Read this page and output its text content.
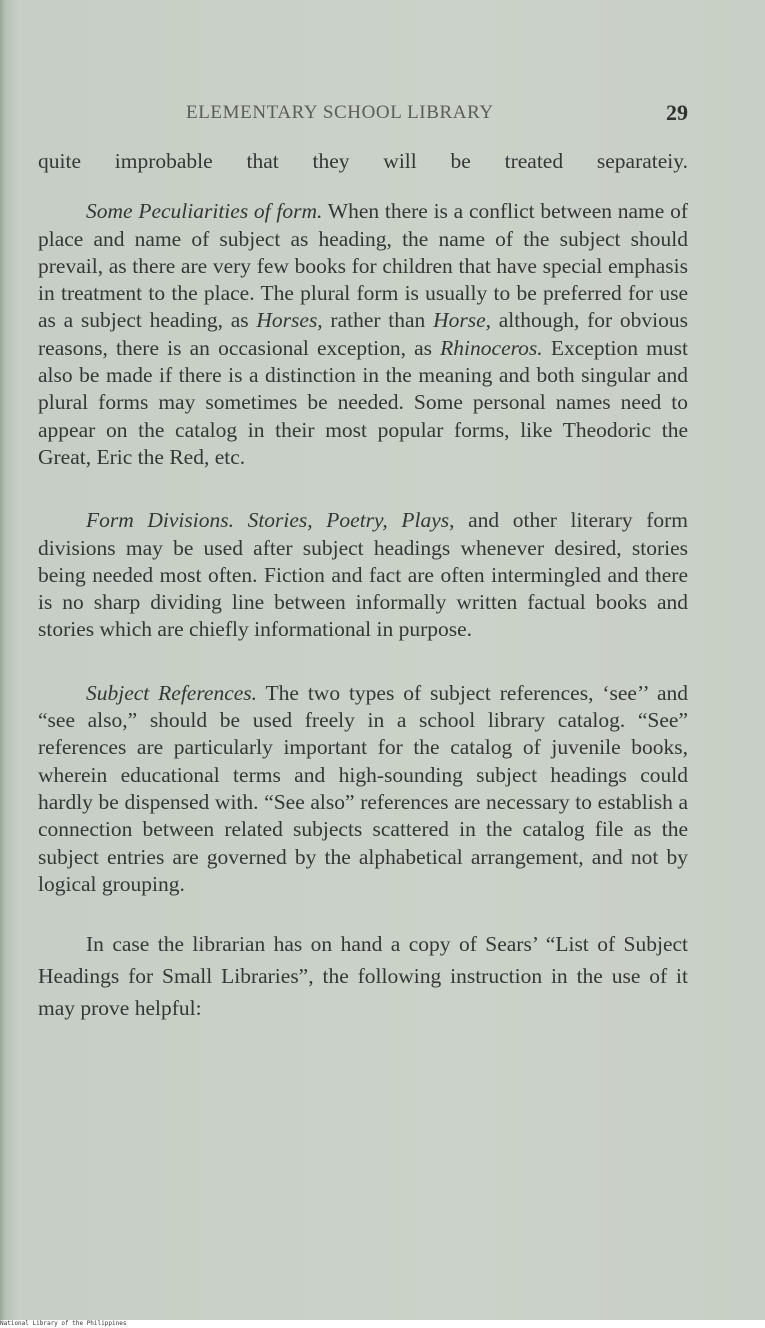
ELEMENTARY SCHOOL LIBRARY	29

quite improbable that they will be treated separateiy.

Some Peculiarities of form. When there is a conflict between name of place and name of subject as heading, the name of the subject should prevail, as there are very few books for children that have special emphasis in treatment to the place. The plural form is usually to be preferred for use as a subject heading, as Horses, rather than Horse, although, for obvious reasons, there is an occasional exception, as Rhinoceros. Exception must also be made if there is a distinction in the meaning and both singular and plural forms may sometimes be needed. Some personal names need to appear on the catalog in their most popular forms, like Theodoric the Great, Eric the Red, etc.

Form Divisions. Stories, Poetry, Plays, and other literary form divisions may be used after subject headings whenever desired, stories being needed most often. Fiction and fact are often intermingled and there is no sharp dividing line between informally written factual books and stories which are chiefly informational in purpose.

Subject References. The two types of subject references, ‘see’’ and “see also,” should be used freely in a school library catalog. “See” references are particularly important for the catalog of juvenile books, wherein educational terms and high-sounding subject headings could hardly be dispensed with. “See also” references are necessary to establish a connection between related subjects scattered in the catalog file as the subject entries are governed by the alphabetical arrangement, and not by logical grouping.

In case the librarian has on hand a copy of Sears’ “List of Subject Headings for Small Libraries”, the following instruction in the use of it may prove helpful:

National Library of the Philippines
